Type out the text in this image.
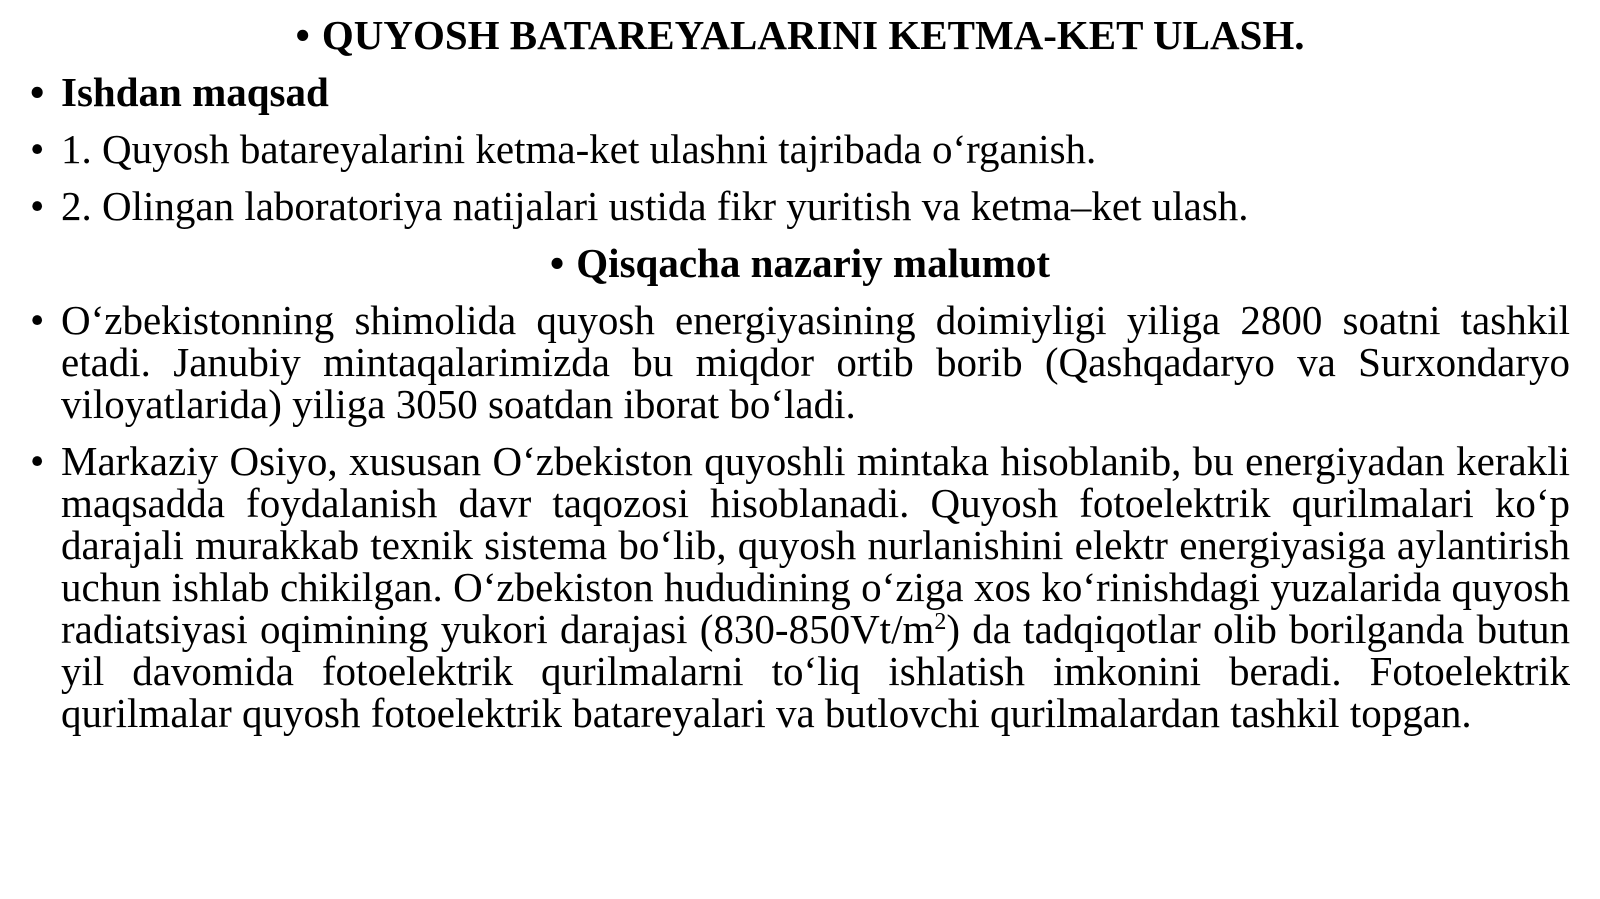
• QUYOSH BATAREYALARINI KETMA-KET ULASH.
• Ishdan maqsad
• 1. Quyosh batareyalarini ketma-ket ulashni tajribada o‘rganish.
• 2. Olingan laboratoriya natijalari ustida fikr yuritish va ketma–ket ulash.
• Qisqacha nazariy malumot
• O‘zbekistonning shimolida quyosh energiyasining doimiyligi yiliga 2800 soatni tashkil etadi. Janubiy mintaqalarimizda bu miqdor ortib borib (Qashqadaryo va Surxondaryo viloyatlarida) yiliga 3050 soatdan iborat bo‘ladi.
• Markaziy Osiyo, xususan O‘zbekiston quyoshli mintaka hisoblanib, bu energiyadan kerakli maqsadda foydalanish davr taqozosi hisoblanadi. Quyosh fotoelektrik qurilmalari ko‘p darajali murakkab texnik sistema bo‘lib, quyosh nurlanishini elektr energiyasiga aylantirish uchun ishlab chikilgan. O‘zbekiston hududining o‘ziga xos ko‘rinishdagi yuzalarida quyosh radiatsiyasi oqimining yukori darajasi $(830-850Vt/m^2)$ da tadqiqotlar olib borilganda butun yil davomida fotoelektrik qurilmalarni to‘liq ishlatish imkonini beradi. Fotoelektrik qurilmalar quyosh fotoelektrik batareyalari va butlovchi qurilmalardan tashkil topgan.
